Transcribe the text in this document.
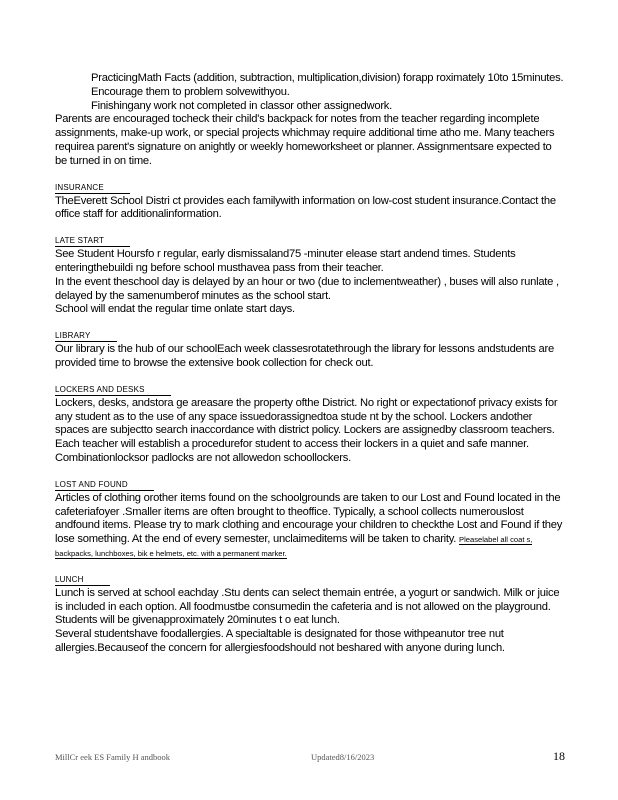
PracticingMath Facts (addition, subtraction, multiplication,division) forapp roximately 10to 15minutes. Encourage them to problem solvewithyou.
Finishingany work not completed in classor other assignedwork.

Parents are encouraged tocheck their child's backpack for notes from the teacher regarding incomplete assignments, make-up work, or special projects whichmay require additional time atho me. Many teachers requirea parent's signature on anightly or weekly homeworksheet or planner. Assignmentsare expected to be turned in on time.

INSURANCE

TheEverett School Distri ct provides each familywith information on low-cost student insurance.Contact the office staff for additionalinformation.

LATE START

See Student Hoursfo r regular, early dismissaland75 -minuter elease start andend times. Students enteringthebuildi ng before school musthavea pass from their teacher.

In the event theschool day is delayed by an hour or two (due to inclementweather) , buses will also runlate , delayed by the samenumberof minutes as the school start.

School will endat the regular time onlate start days.

LIBRARY

Our library is the hub of our schoolEach week classesrotatethrough the library for lessons andstudents are provided time to browse the extensive book collection for check out.

LOCKERS AND DESKS

Lockers, desks, andstora ge areasare the property ofthe District. No right or expectationof privacy exists for any student as to the use of any space issuedorassignedtoa stude nt by the school. Lockers andother spaces are subjectto search inaccordance with district policy. Lockers are assignedby classroom teachers. Each teacher will establish a procedurefor student to access their lockers in a quiet and safe manner. Combinationlocksor padlocks are not allowedon schoollockers.

LOST AND FOUND

Articles of clothing orother items found on the schoolgrounds are taken to our Lost and Found located in the cafeteriafoyer .Smaller items are often brought to theoffice. Typically, a school collects numerouslost andfound items. Please try to mark clothing and encourage your children to checkthe Lost and Found if they lose something. At the end of every semester, unclaimeditems will be taken to charity. Pleaselabel all coat s, backpacks, lunchboxes, bik e helmets, etc. with a permanent marker.

LUNCH

Lunch is served at school eachday .Stu dents can select themain entrée, a yogurt or sandwich. Milk or juice is included in each option. All foodmustbe consumedin the cafeteria and is not allowed on the playground. Students will be givenapproximately 20minutes t o eat lunch.

Several studentshave foodallergies. A specialtable is designated for those withpeanutor tree nut allergies.Becauseof the concern for allergiesfoodshould not beshared with anyone during lunch.

MillCr eek ES Family H andbook	Updated8/16/2023	18
